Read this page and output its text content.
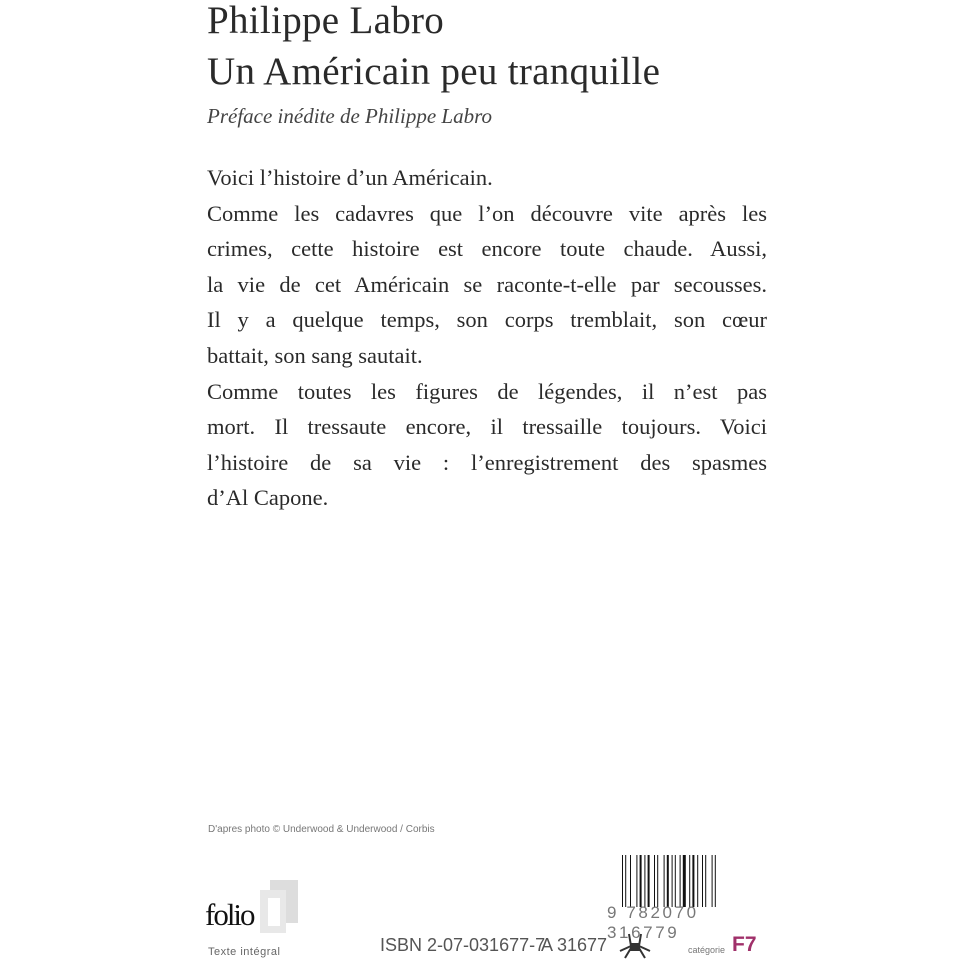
Philippe Labro
Un Américain peu tranquille
Préface inédite de Philippe Labro
Voici l’histoire d’un Américain.
Comme les cadavres que l’on découvre vite après les
crimes, cette histoire est encore toute chaude. Aussi,
la vie de cet Américain se raconte-t-elle par secousses.
Il y a quelque temps, son corps tremblait, son cœur
battait, son sang sautait.
Comme toutes les figures de légendes, il n’est pas
mort. Il tressaute encore, il tressaille toujours. Voici
l’histoire de sa vie : l’enregistrement des spasmes
d’Al Capone.
D'apres photo © Underwood & Underwood / Corbis
folio
Texte intégral	ISBN 2-07-031677-7
A 31677	catégorie F7
9 782070 316779
